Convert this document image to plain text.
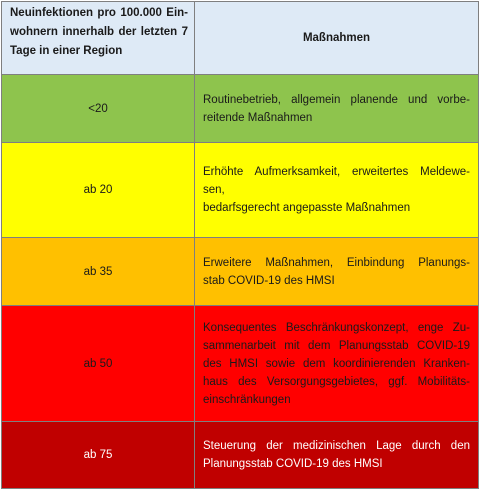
Neuinfektionen pro 100.000 Ein-
wohnern innerhalb der letzten 7
Tage in einer Region	Maßnahmen
<20	Routinebetrieb, allgemein planende und vorbe-
reitende Maßnahmen

ab 20	Erhöhte Aufmerksamkeit, erweitertes Meldewe-
sen,
bedarfsgerecht angepasste Maßnahmen

ab 35	Erweitere Maßnahmen, Einbindung Planungs-
stab COVID-19 des HMSI

ab 50	Konsequentes Beschränkungskonzept, enge Zu-
sammenarbeit mit dem Planungsstab COVID-19
des HMSI sowie dem koordinierenden Kranken-
haus des Versorgungsgebietes, ggf. Mobilitäts-
einschränkungen

ab 75	Steuerung der medizinischen Lage durch den
Planungsstab COVID-19 des HMSI
